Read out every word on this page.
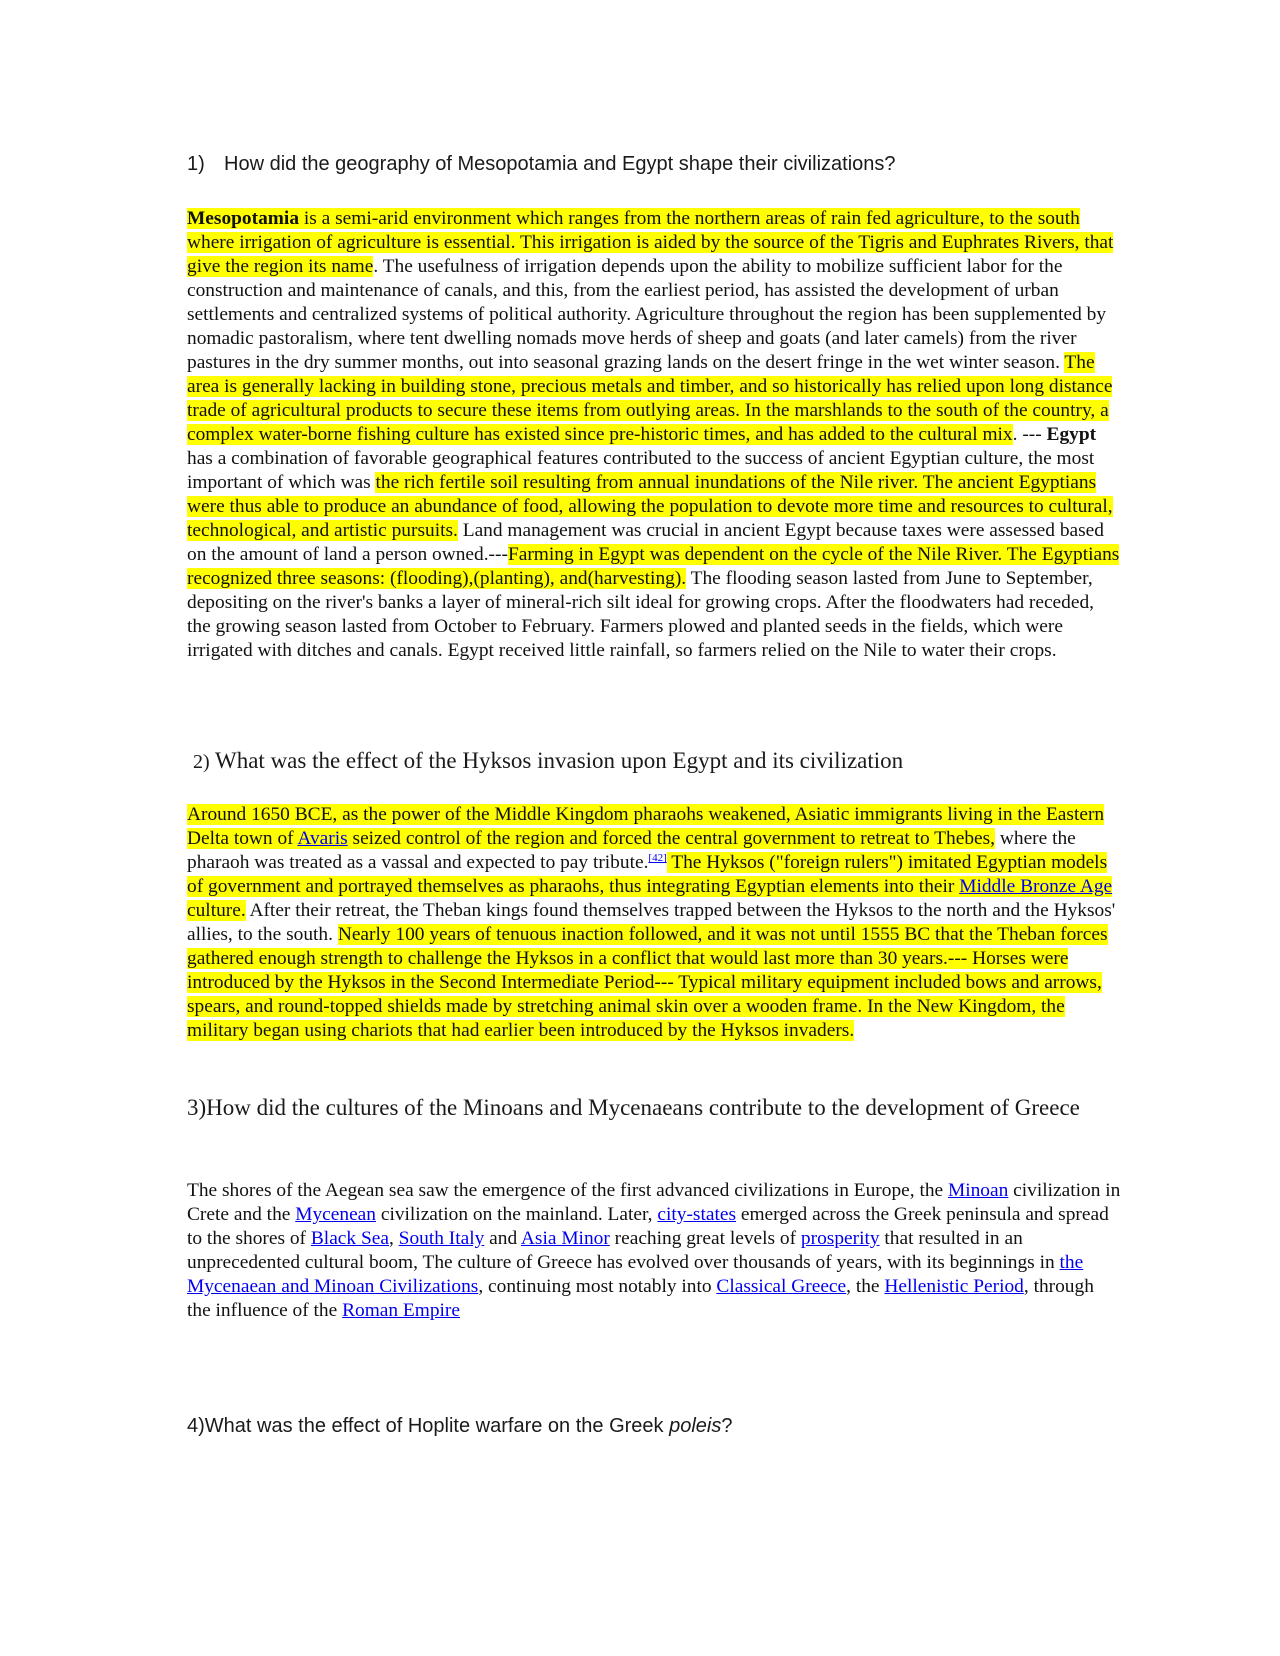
1) How did the geography of Mesopotamia and Egypt shape their civilizations?

Mesopotamia is a semi-arid environment which ranges from the northern areas of rain fed agriculture, to the south where irrigation of agriculture is essential. This irrigation is aided by the source of the Tigris and Euphrates Rivers, that give the region its name. The usefulness of irrigation depends upon the ability to mobilize sufficient labor for the construction and maintenance of canals, and this, from the earliest period, has assisted the development of urban settlements and centralized systems of political authority. Agriculture throughout the region has been supplemented by nomadic pastoralism, where tent dwelling nomads move herds of sheep and goats (and later camels) from the river pastures in the dry summer months, out into seasonal grazing lands on the desert fringe in the wet winter season. The area is generally lacking in building stone, precious metals and timber, and so historically has relied upon long distance trade of agricultural products to secure these items from outlying areas. In the marshlands to the south of the country, a complex water-borne fishing culture has existed since pre-historic times, and has added to the cultural mix. --- Egypt has a combination of favorable geographical features contributed to the success of ancient Egyptian culture, the most important of which was the rich fertile soil resulting from annual inundations of the Nile river. The ancient Egyptians were thus able to produce an abundance of food, allowing the population to devote more time and resources to cultural, technological, and artistic pursuits. Land management was crucial in ancient Egypt because taxes were assessed based on the amount of land a person owned.---Farming in Egypt was dependent on the cycle of the Nile River. The Egyptians recognized three seasons: (flooding),(planting), and(harvesting). The flooding season lasted from June to September, depositing on the river's banks a layer of mineral-rich silt ideal for growing crops. After the floodwaters had receded, the growing season lasted from October to February. Farmers plowed and planted seeds in the fields, which were irrigated with ditches and canals. Egypt received little rainfall, so farmers relied on the Nile to water their crops.

2) What was the effect of the Hyksos invasion upon Egypt and its civilization

Around 1650 BCE, as the power of the Middle Kingdom pharaohs weakened, Asiatic immigrants living in the Eastern Delta town of Avaris seized control of the region and forced the central government to retreat to Thebes, where the pharaoh was treated as a vassal and expected to pay tribute.[42] The Hyksos ("foreign rulers") imitated Egyptian models of government and portrayed themselves as pharaohs, thus integrating Egyptian elements into their Middle Bronze Age culture. After their retreat, the Theban kings found themselves trapped between the Hyksos to the north and the Hyksos' allies, to the south. Nearly 100 years of tenuous inaction followed, and it was not until 1555 BC that the Theban forces gathered enough strength to challenge the Hyksos in a conflict that would last more than 30 years.--- Horses were introduced by the Hyksos in the Second Intermediate Period--- Typical military equipment included bows and arrows, spears, and round-topped shields made by stretching animal skin over a wooden frame. In the New Kingdom, the military began using chariots that had earlier been introduced by the Hyksos invaders.

3)How did the cultures of the Minoans and Mycenaeans contribute to the development of Greece

The shores of the Aegean sea saw the emergence of the first advanced civilizations in Europe, the Minoan civilization in Crete and the Mycenean civilization on the mainland. Later, city-states emerged across the Greek peninsula and spread to the shores of Black Sea, South Italy and Asia Minor reaching great levels of prosperity that resulted in an unprecedented cultural boom, The culture of Greece has evolved over thousands of years, with its beginnings in the Mycenaean and Minoan Civilizations, continuing most notably into Classical Greece, the Hellenistic Period, through the influence of the Roman Empire

4)What was the effect of Hoplite warfare on the Greek poleis?
